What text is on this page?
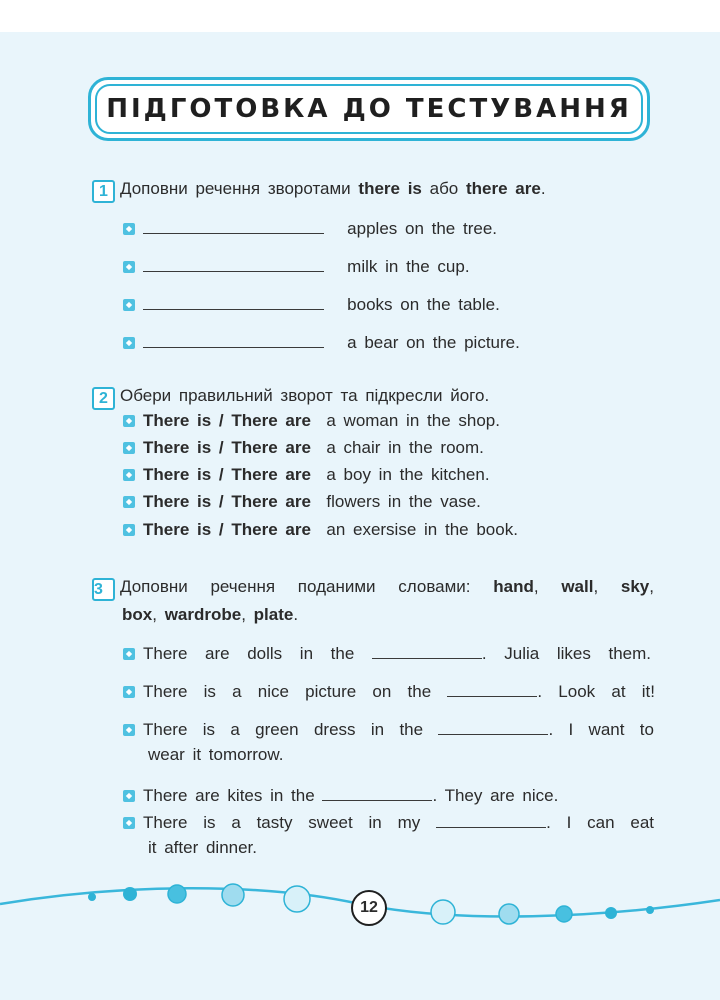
ПІДГОТОВКА ДО ТЕСТУВАННЯ
1 Доповни речення зворотами there is або there are.
apples on the tree.
milk in the cup.
books on the table.
a bear on the picture.
2 Обери правильний зворот та підкресли його.
There is / There are a woman in the shop.
There is / There are a chair in the room.
There is / There are a boy in the kitchen.
There is / There are flowers in the vase.
There is / There are an exersise in the book.
3 Доповни речення поданими словами: hand, wall, sky,
box, wardrobe, plate.
There are dolls in the	. Julia likes them.
There is a nice picture on the	. Look at it!
There is a green dress in the	. I want to
wear it tomorrow.
There are kites in the	. They are nice.
There is a tasty sweet in my	. I can eat
it after dinner.
12
